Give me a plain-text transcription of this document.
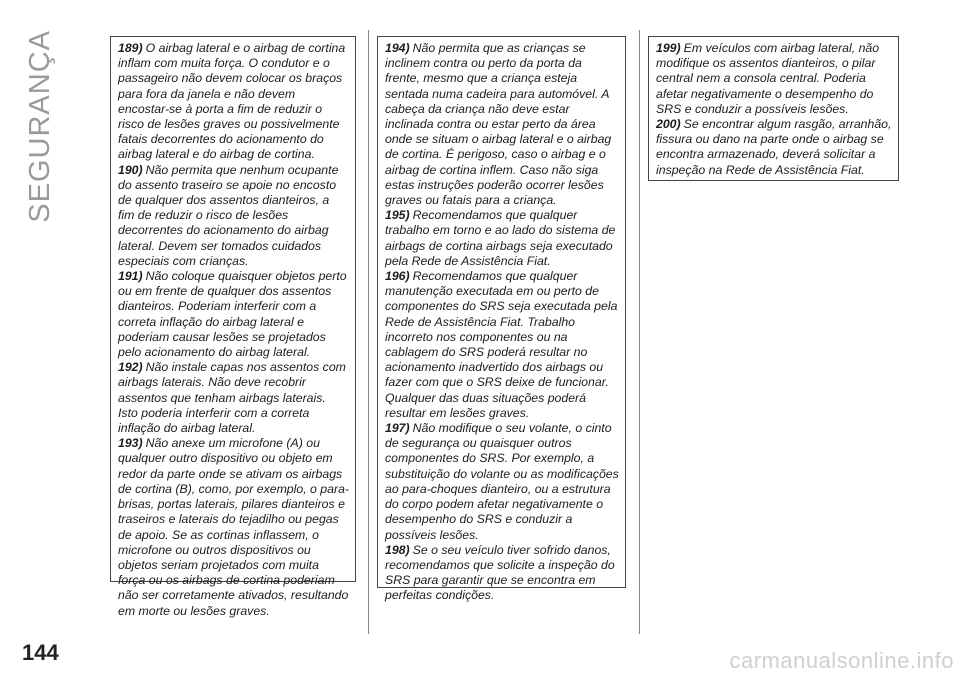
SEGURANÇA	189) O airbag lateral e o airbag de cortina inflam com muita força. O condutor e o passageiro não devem colocar os braços para fora da janela e não devem encostar-se à porta a fim de reduzir o risco de lesões graves ou possivelmente fatais decorrentes do acionamento do airbag lateral e do airbag de cortina.

190) Não permita que nenhum ocupante do assento traseiro se apoie no encosto de qualquer dos assentos dianteiros, a fim de reduzir o risco de lesões decorrentes do acionamento do airbag lateral. Devem ser tomados cuidados especiais com crianças.

191) Não coloque quaisquer objetos perto ou em frente de qualquer dos assentos dianteiros. Poderiam interferir com a correta inflação do airbag lateral e poderiam causar lesões se projetados pelo acionamento do airbag lateral.

192) Não instale capas nos assentos com airbags laterais. Não deve recobrir assentos que tenham airbags laterais. Isto poderia interferir com a correta inflação do airbag lateral.

193) Não anexe um microfone (A) ou qualquer outro dispositivo ou objeto em redor da parte onde se ativam os airbags de cortina (B), como, por exemplo, o para-brisas, portas laterais, pilares dianteiros e traseiros e laterais do tejadilho ou pegas de apoio. Se as cortinas inflassem, o microfone ou outros dispositivos ou objetos seriam projetados com muita força ou os airbags de cortina poderiam não ser corretamente ativados, resultando em morte ou lesões graves.

194) Não permita que as crianças se inclinem contra ou perto da porta da frente, mesmo que a criança esteja sentada numa cadeira para automóvel. A cabeça da criança não deve estar inclinada contra ou estar perto da área onde se situam o airbag lateral e o airbag de cortina. É perigoso, caso o airbag e o airbag de cortina inflem. Caso não siga estas instruções poderão ocorrer lesões graves ou fatais para a criança.

195) Recomendamos que qualquer trabalho em torno e ao lado do sistema de airbags de cortina airbags seja executado pela Rede de Assistência Fiat.

196) Recomendamos que qualquer manutenção executada em ou perto de componentes do SRS seja executada pela Rede de Assistência Fiat. Trabalho incorreto nos componentes ou na cablagem do SRS poderá resultar no acionamento inadvertido dos airbags ou fazer com que o SRS deixe de funcionar. Qualquer das duas situações poderá resultar em lesões graves.

197) Não modifique o seu volante, o cinto de segurança ou quaisquer outros componentes do SRS. Por exemplo, a substituição do volante ou as modificações ao para-choques dianteiro, ou a estrutura do corpo podem afetar negativamente o desempenho do SRS e conduzir a possíveis lesões.

198) Se o seu veículo tiver sofrido danos, recomendamos que solicite a inspeção do SRS para garantir que se encontra em perfeitas condições.

199) Em veículos com airbag lateral, não modifique os assentos dianteiros, o pilar central nem a consola central. Poderia afetar negativamente o desempenho do SRS e conduzir a possíveis lesões.

200) Se encontrar algum rasgão, arranhão, fissura ou dano na parte onde o airbag se encontra armazenado, deverá solicitar a inspeção na Rede de Assistência Fiat.

144	carmanualsonline.info
